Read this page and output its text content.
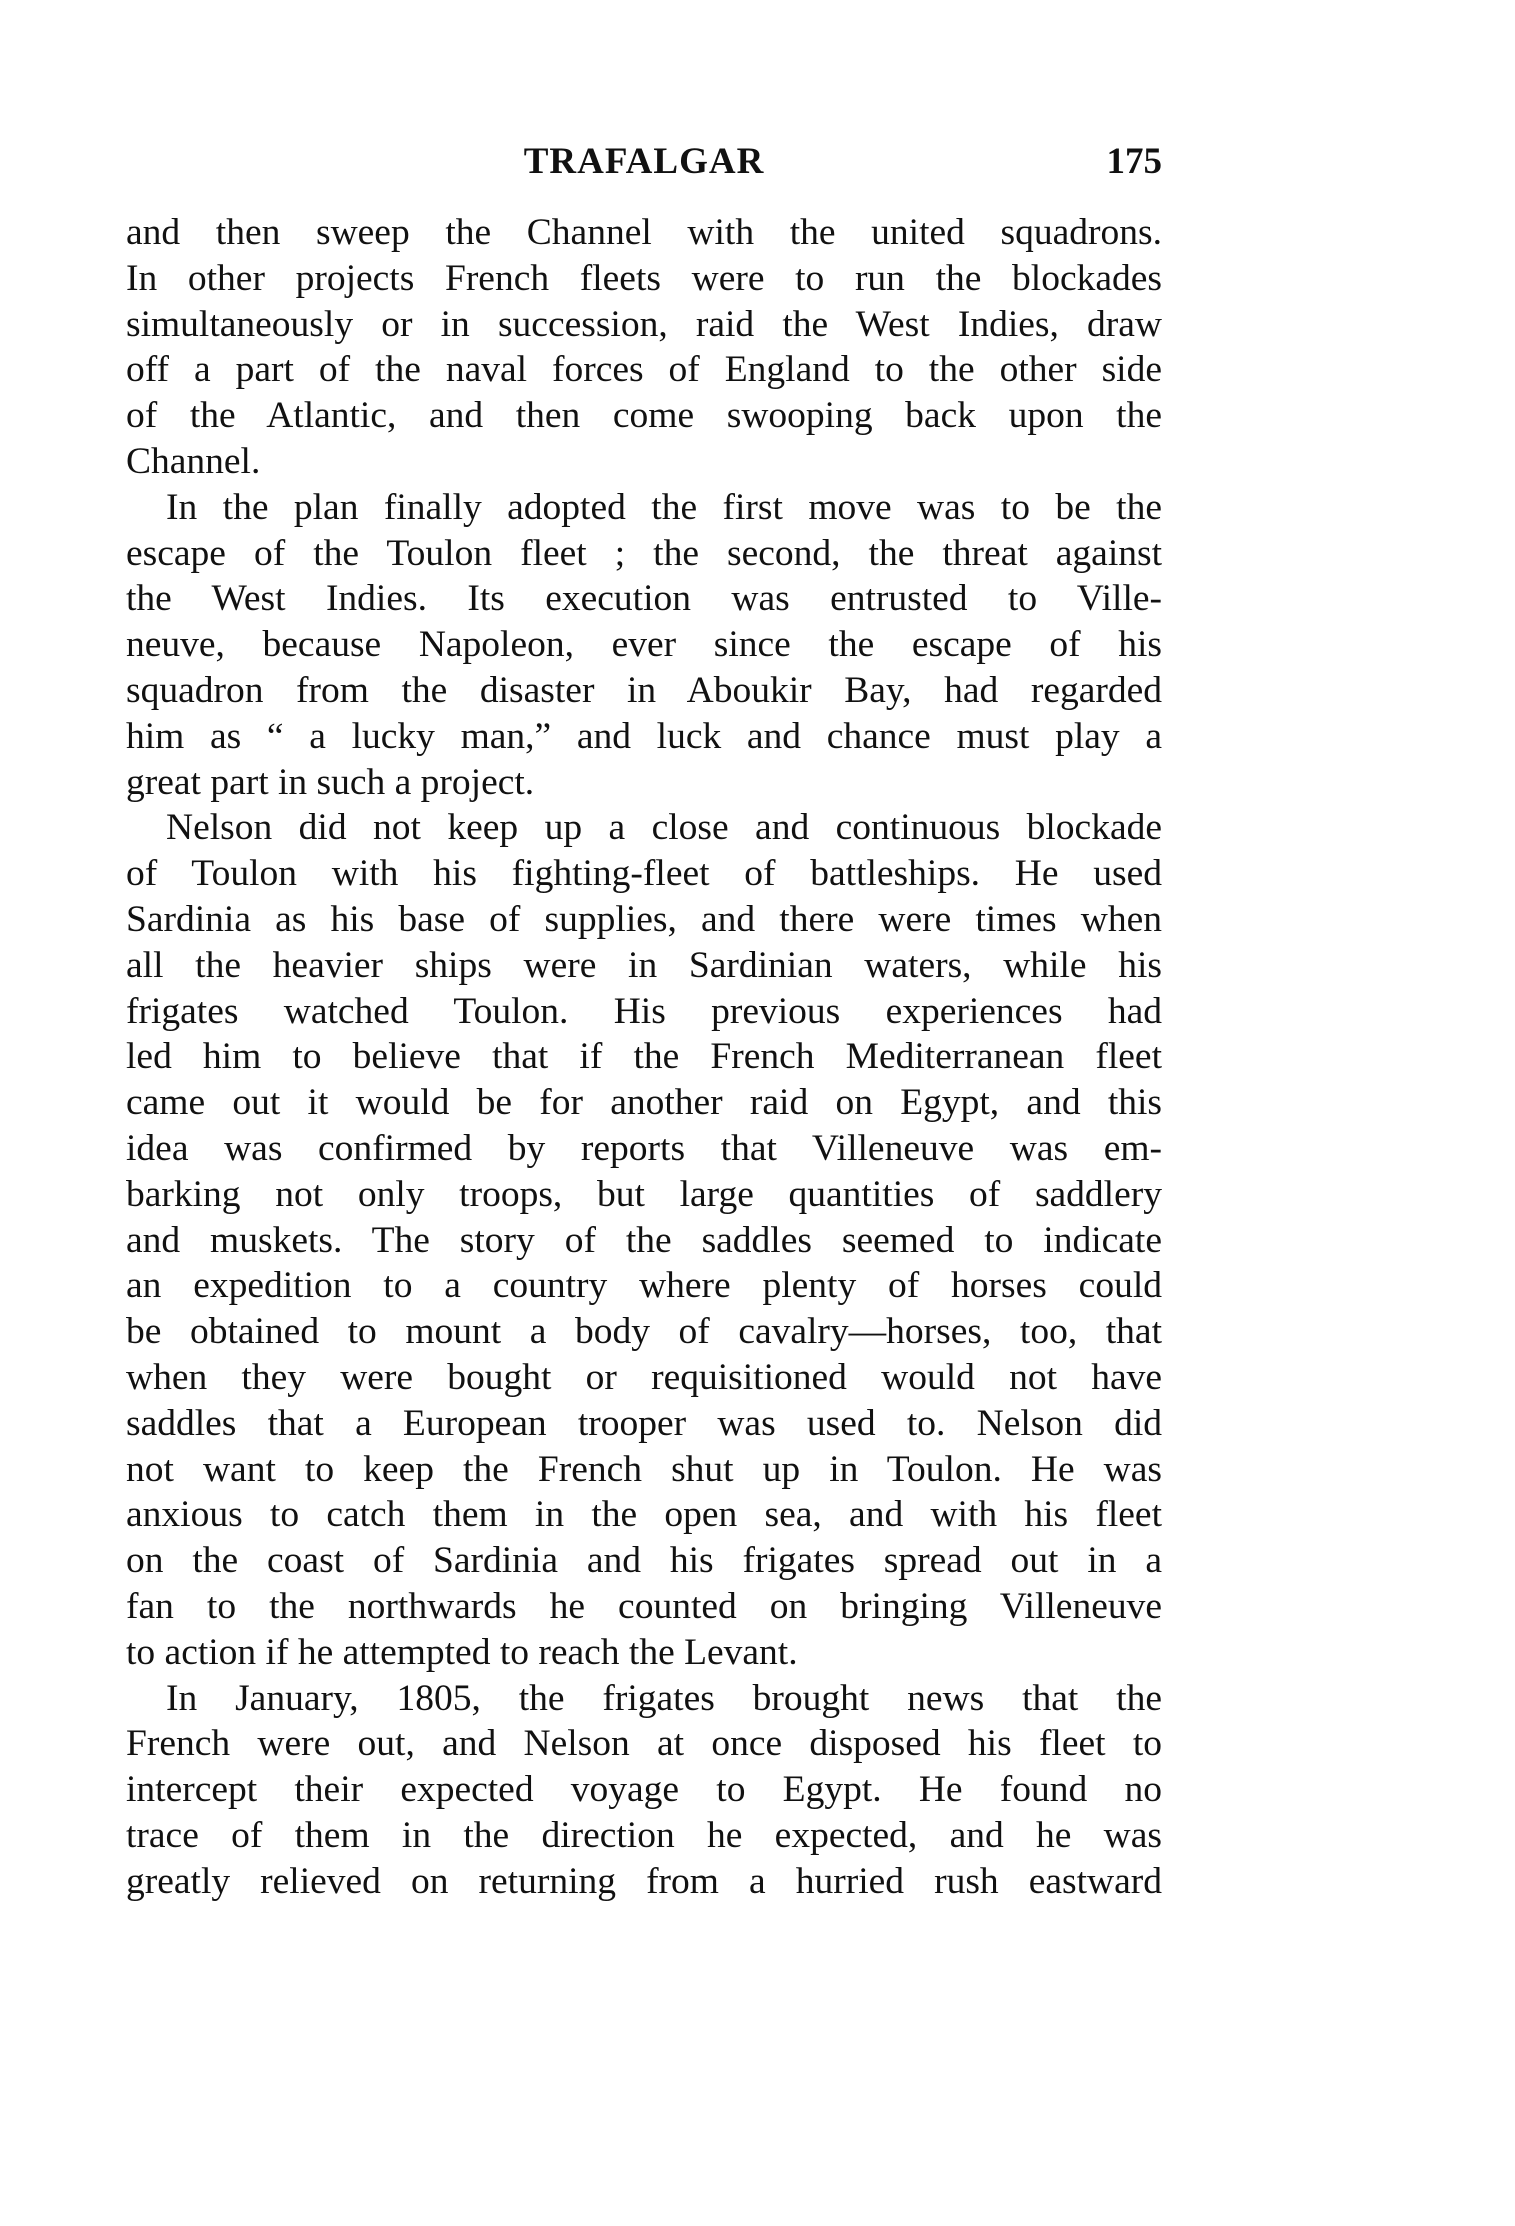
TRAFALGAR	175
and then sweep the Channel with the united squadrons.
In other projects French fleets were to run the blockades
simultaneously or in succession, raid the West Indies, draw
off a part of the naval forces of England to the other side
of the Atlantic, and then come swooping back upon the
Channel.
In the plan finally adopted the first move was to be the
escape of the Toulon fleet ; the second, the threat against
the West Indies. Its execution was entrusted to Ville-
neuve, because Napoleon, ever since the escape of his
squadron from the disaster in Aboukir Bay, had regarded
him as “ a lucky man,” and luck and chance must play a
great part in such a project.
Nelson did not keep up a close and continuous blockade
of Toulon with his fighting-fleet of battleships. He used
Sardinia as his base of supplies, and there were times when
all the heavier ships were in Sardinian waters, while his
frigates watched Toulon. His previous experiences had
led him to believe that if the French Mediterranean fleet
came out it would be for another raid on Egypt, and this
idea was confirmed by reports that Villeneuve was em-
barking not only troops, but large quantities of saddlery
and muskets. The story of the saddles seemed to indicate
an expedition to a country where plenty of horses could
be obtained to mount a body of cavalry—horses, too, that
when they were bought or requisitioned would not have
saddles that a European trooper was used to. Nelson did
not want to keep the French shut up in Toulon. He was
anxious to catch them in the open sea, and with his fleet
on the coast of Sardinia and his frigates spread out in a
fan to the northwards he counted on bringing Villeneuve
to action if he attempted to reach the Levant.
In January, 1805, the frigates brought news that the
French were out, and Nelson at once disposed his fleet to
intercept their expected voyage to Egypt. He found no
trace of them in the direction he expected, and he was
greatly relieved on returning from a hurried rush eastward
